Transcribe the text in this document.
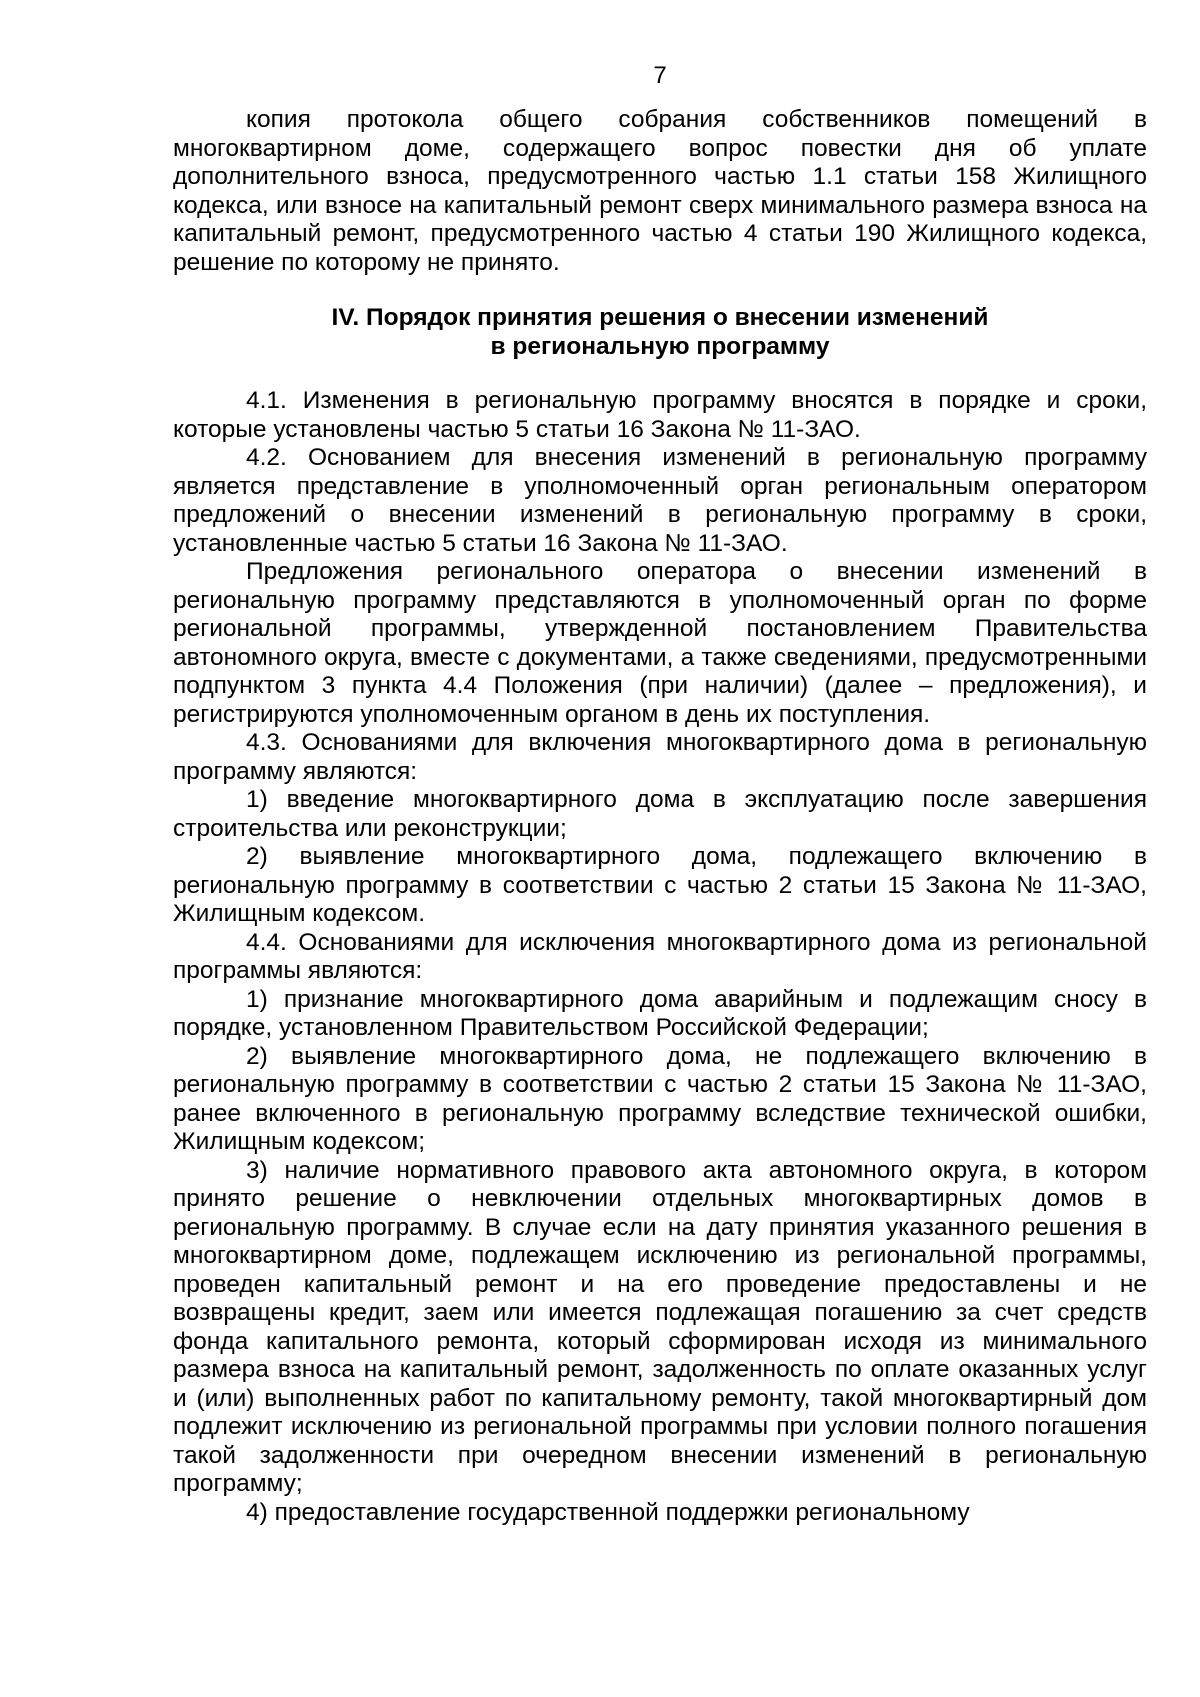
7

копия протокола общего собрания собственников помещений в многоквартирном доме, содержащего вопрос повестки дня об уплате дополнительного взноса, предусмотренного частью 1.1 статьи 158 Жилищного кодекса, или взносе на капитальный ремонт сверх минимального размера взноса на капитальный ремонт, предусмотренного частью 4 статьи 190 Жилищного кодекса, решение по которому не принято.

IV. Порядок принятия решения о внесении изменений
в региональную программу

4.1. Изменения в региональную программу вносятся в порядке и сроки, которые установлены частью 5 статьи 16 Закона № 11-ЗАО.

4.2. Основанием для внесения изменений в региональную программу является представление в уполномоченный орган региональным оператором предложений о внесении изменений в региональную программу в сроки, установленные частью 5 статьи 16 Закона № 11-ЗАО.

Предложения регионального оператора о внесении изменений в региональную программу представляются в уполномоченный орган по форме региональной программы, утвержденной постановлением Правительства автономного округа, вместе с документами, а также сведениями, предусмотренными подпунктом 3 пункта 4.4 Положения (при наличии) (далее – предложения), и регистрируются уполномоченным органом в день их поступления.

4.3. Основаниями для включения многоквартирного дома в региональную программу являются:

1) введение многоквартирного дома в эксплуатацию после завершения строительства или реконструкции;

2) выявление многоквартирного дома, подлежащего включению в региональную программу в соответствии с частью 2 статьи 15 Закона № 11-ЗАО, Жилищным кодексом.

4.4. Основаниями для исключения многоквартирного дома из региональной программы являются:

1) признание многоквартирного дома аварийным и подлежащим сносу в порядке, установленном Правительством Российской Федерации;

2) выявление многоквартирного дома, не подлежащего включению в региональную программу в соответствии с частью 2 статьи 15 Закона № 11-ЗАО, ранее включенного в региональную программу вследствие технической ошибки, Жилищным кодексом;

3) наличие нормативного правового акта автономного округа, в котором принято решение о невключении отдельных многоквартирных домов в региональную программу. В случае если на дату принятия указанного решения в многоквартирном доме, подлежащем исключению из региональной программы, проведен капитальный ремонт и на его проведение предоставлены и не возвращены кредит, заем или имеется подлежащая погашению за счет средств фонда капитального ремонта, который сформирован исходя из минимального размера взноса на капитальный ремонт, задолженность по оплате оказанных услуг и (или) выполненных работ по капитальному ремонту, такой многоквартирный дом подлежит исключению из региональной программы при условии полного погашения такой задолженности при очередном внесении изменений в региональную программу;

4) предоставление государственной поддержки региональному
